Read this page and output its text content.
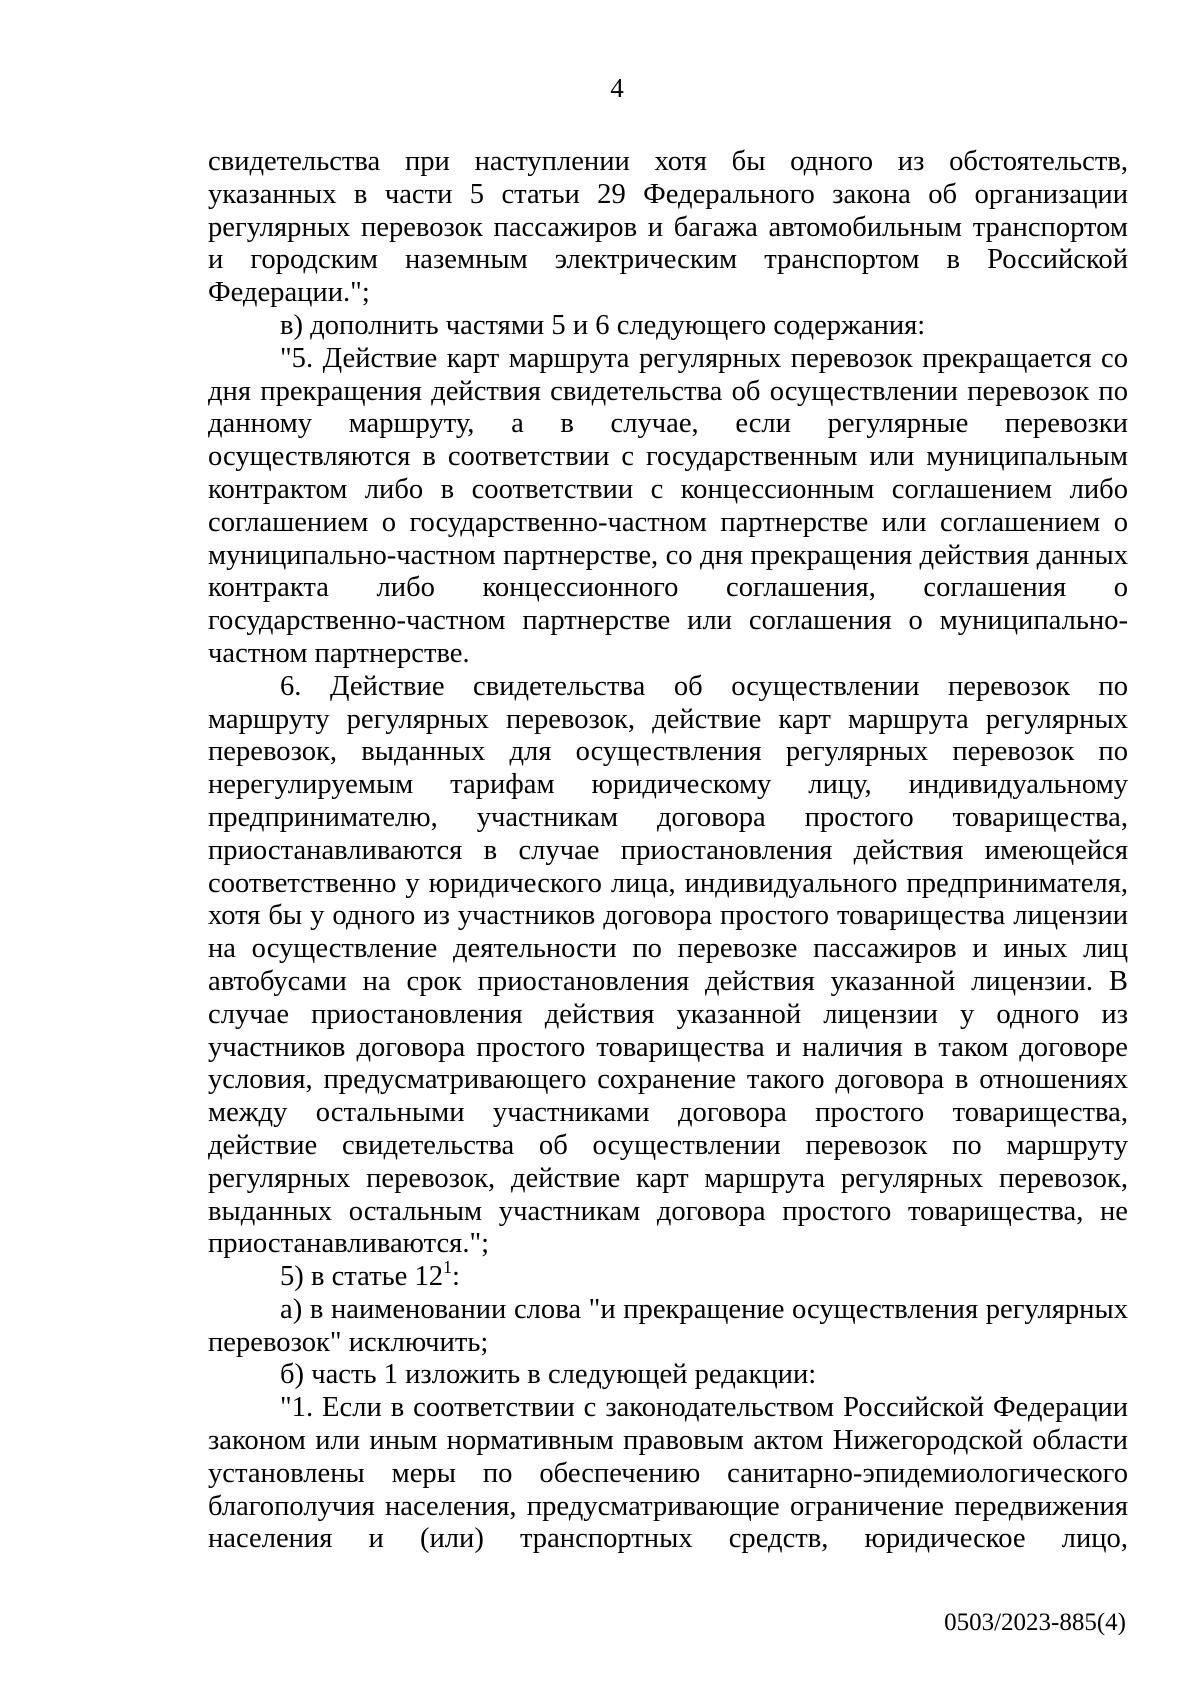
4

свидетельства при наступлении хотя бы одного из обстоятельств, указанных в части 5 статьи 29 Федерального закона об организации регулярных перевозок пассажиров и багажа автомобильным транспортом и городским наземным электрическим транспортом в Российской Федерации.";

в) дополнить частями 5 и 6 следующего содержания:

"5. Действие карт маршрута регулярных перевозок прекращается со дня прекращения действия свидетельства об осуществлении перевозок по данному маршруту, а в случае, если регулярные перевозки осуществляются в соответствии с государственным или муниципальным контрактом либо в соответствии с концессионным соглашением либо соглашением о государственно-частном партнерстве или соглашением о муниципально-частном партнерстве, со дня прекращения действия данных контракта либо концессионного соглашения, соглашения о государственно-частном партнерстве или соглашения о муниципально-частном партнерстве.

6. Действие свидетельства об осуществлении перевозок по маршруту регулярных перевозок, действие карт маршрута регулярных перевозок, выданных для осуществления регулярных перевозок по нерегулируемым тарифам юридическому лицу, индивидуальному предпринимателю, участникам договора простого товарищества, приостанавливаются в случае приостановления действия имеющейся соответственно у юридического лица, индивидуального предпринимателя, хотя бы у одного из участников договора простого товарищества лицензии на осуществление деятельности по перевозке пассажиров и иных лиц автобусами на срок приостановления действия указанной лицензии. В случае приостановления действия указанной лицензии у одного из участников договора простого товарищества и наличия в таком договоре условия, предусматривающего сохранение такого договора в отношениях между остальными участниками договора простого товарищества, действие свидетельства об осуществлении перевозок по маршруту регулярных перевозок, действие карт маршрута регулярных перевозок, выданных остальным участникам договора простого товарищества, не приостанавливаются.";

5) в статье $12^1$:

а) в наименовании слова "и прекращение осуществления регулярных перевозок" исключить;

б) часть 1 изложить в следующей редакции:

"1. Если в соответствии с законодательством Российской Федерации законом или иным нормативным правовым актом Нижегородской области установлены меры по обеспечению санитарно-эпидемиологического благополучия населения, предусматривающие ограничение передвижения населения и (или) транспортных средств, юридическое лицо,

0503/2023-885(4)
